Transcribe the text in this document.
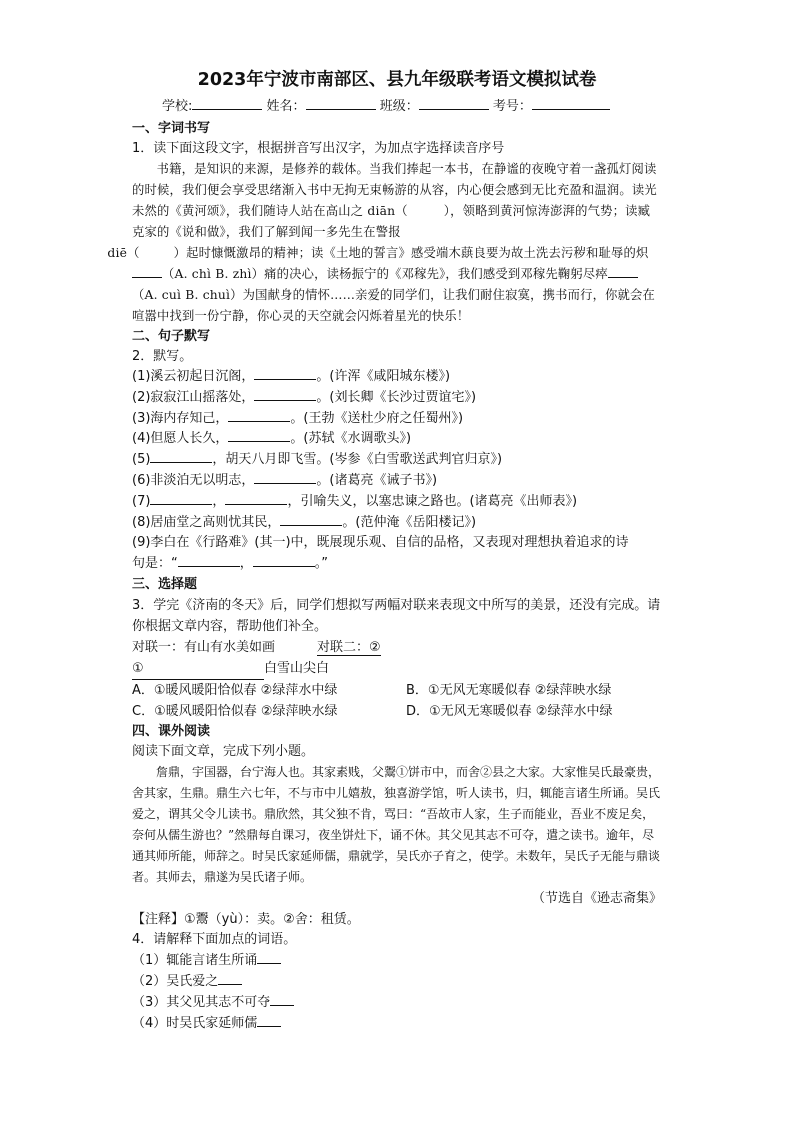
2023年宁波市南部区、县九年级联考语文模拟试卷
学校:	姓名：	班级：	考号：
一、字词书写
1．读下面这段文字，根据拼音写出汉字，为加点字选择读音序号
书籍，是知识的来源，是修养的载体。当我们捧起一本书，在静谧的夜晚守着一盏孤灯阅读的时候，我们便会享受思绪渐入书中无拘无束畅游的从容，内心便会感到无比充盈和温润。读光未然的《黄河颂》，我们随诗人站在高山之 diān（	），领略到黄河惊涛澎湃的气势；读臧克家的《说和做》，我们了解到闻一多先生在警报
diē（	）起时慷慨激昂的精神；读《土地的誓言》感受端木蕻良要为故土洗去污秽和耻辱的炽（A. chì B. zhì）痛的决心，读杨振宁的《邓稼先》，我们感受到邓稼先鞠躬尽瘁（A. cuì B. chuì）为国献身的情怀……亲爱的同学们，让我们耐住寂寞，携书而行，你就会在喧嚣中找到一份宁静，你心灵的天空就会闪烁着星光的快乐！
二、句子默写
2．默写。
(1)溪云初起日沉阁，	。(许浑《咸阳城东楼》)
(2)寂寂江山摇落处，	。(刘长卿《长沙过贾谊宅》)
(3)海内存知己，	。(王勃《送杜少府之任蜀州》)
(4)但愿人长久，	。(苏轼《水调歌头》)
(5)	，胡天八月即飞雪。(岑参《白雪歌送武判官归京》)
(6)非淡泊无以明志，	。(诸葛亮《诫子书》)
(7)	，	，引喻失义，以塞忠谏之路也。(诸葛亮《出师表》)
(8)居庙堂之高则忧其民，	。(范仲淹《岳阳楼记》)
(9)李白在《行路难》(其一)中，既展现乐观、自信的品格，又表现对理想执着追求的诗
句是：“	，	。”
三、选择题
3．学完《济南的冬天》后，同学们想拟写两幅对联来表现文中所写的美景，还没有完成。请你根据文章内容，帮助他们补全。
对联一：有山有水美如画	对联二：②
①	白雪山尖白
A．①暖风暖阳恰似春 ②绿萍水中绿	B．①无风无寒暖似春 ②绿萍映水绿
C．①暖风暖阳恰似春 ②绿萍映水绿	D．①无风无寒暖似春 ②绿萍水中绿
四、课外阅读
阅读下面文章，完成下列小题。
詹鼎，宇国器，台宁海人也。其家素贱，父鬻①饼市中，而舍②县之大家。大家惟吴氏最豪贵，舍其家，生鼎。鼎生六七年，不与市中儿嬉敖，独喜游学馆，听人读书，归，辄能言诸生所诵。吴氏爱之，谓其父令儿读书。鼎欣然，其父独不肯，骂曰：“吾故市人家，生子而能业，吾业不废足矣，奈何从儒生游也？”然鼎每自课习，夜坐饼灶下，诵不休。其父见其志不可夺，遣之读书。逾年，尽通其师所能，师辞之。时吴氏家延师儒，鼎就学，吴氏亦子育之，使学。未数年，吴氏子无能与鼎谈者。其师去，鼎遂为吴氏诸子师。
（节选自《逊志斋集》
【注释】①鬻（yù）：卖。②舍：租赁。
4．请解释下面加点的词语。
（1）辄能言诸生所诵
（2）吴氏爱之
（3）其父见其志不可夺
（4）时吴氏家延师儒
